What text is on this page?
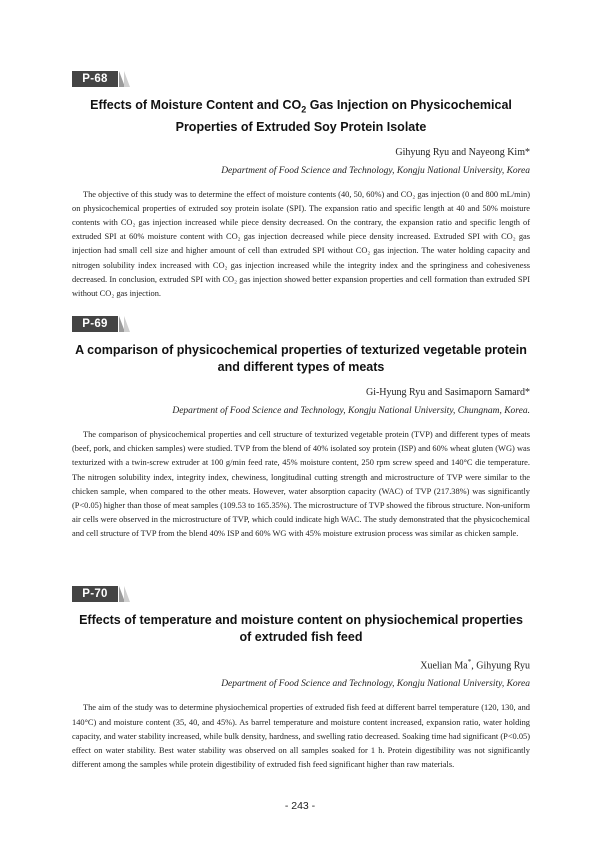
P-68

Effects of Moisture Content and $CO_2$ Gas Injection on Physicochemical Properties of Extruded Soy Protein Isolate

Gihyung Ryu and Nayeong Kim*

Department of Food Science and Technology, Kongju National University, Korea

The objective of this study was to determine the effect of moisture contents (40, 50, 60%) and CO₂ gas injection (0 and 800 mL/min) on physicochemical properties of extruded soy protein isolate (SPI). The expansion ratio and specific length at 40 and 50% moisture contents with CO₂ gas injection increased while piece density decreased. On the contrary, the expansion ratio and specific length of extruded SPI at 60% moisture content with CO₂ gas injection decreased while piece density increased. Extruded SPI with CO₂ gas injection had small cell size and higher amount of cell than extruded SPI without CO₂ gas injection. The water holding capacity and nitrogen solubility index increased with CO₂ gas injection increased while the integrity index and the springiness and cohesiveness decreased. In conclusion, extruded SPI with CO₂ gas injection showed better expansion properties and cell formation than extruded SPI without CO₂ gas injection.

P-69

A comparison of physicochemical properties of texturized vegetable protein and different types of meats

Gi-Hyung Ryu and Sasimaporn Samard*

Department of Food Science and Technology, Kongju National University, Chungnam, Korea.

The comparison of physicochemical properties and cell structure of texturized vegetable protein (TVP) and different types of meats (beef, pork, and chicken samples) were studied. TVP from the blend of 40% isolated soy protein (ISP) and 60% wheat gluten (WG) was texturized with a twin-screw extruder at 100 g/min feed rate, 45% moisture content, 250 rpm screw speed and 140°C die temperature. The nitrogen solubility index, integrity index, chewiness, longitudinal cutting strength and microstructure of TVP were similar to the chicken sample, when compared to the other meats. However, water absorption capacity (WAC) of TVP (217.38%) was significantly (P<0.05) higher than those of meat samples (109.53 to 165.35%). The microstructure of TVP showed the fibrous structure. Non-uniform air cells were observed in the microstructure of TVP, which could indicate high WAC. The study demonstrated that the physicochemical and cell structure of TVP from the blend 40% ISP and 60% WG with 45% moisture extrusion process was similar as chicken sample.

P-70

Effects of temperature and moisture content on physiochemical properties of extruded fish feed

Xuelian Ma*, Gihyung Ryu

Department of Food Science and Technology, Kongju National University, Korea

The aim of the study was to determine physiochemical properties of extruded fish feed at different barrel temperature (120, 130, and 140°C) and moisture content (35, 40, and 45%). As barrel temperature and moisture content increased, expansion ratio, water holding capacity, and water stability increased, while bulk density, hardness, and swelling ratio decreased. Soaking time had significant (P<0.05) effect on water stability. Best water stability was observed on all samples soaked for 1 h. Protein digestibility was not significantly different among the samples while protein digestibility of extruded fish feed significant higher than raw materials.

- 243 -
